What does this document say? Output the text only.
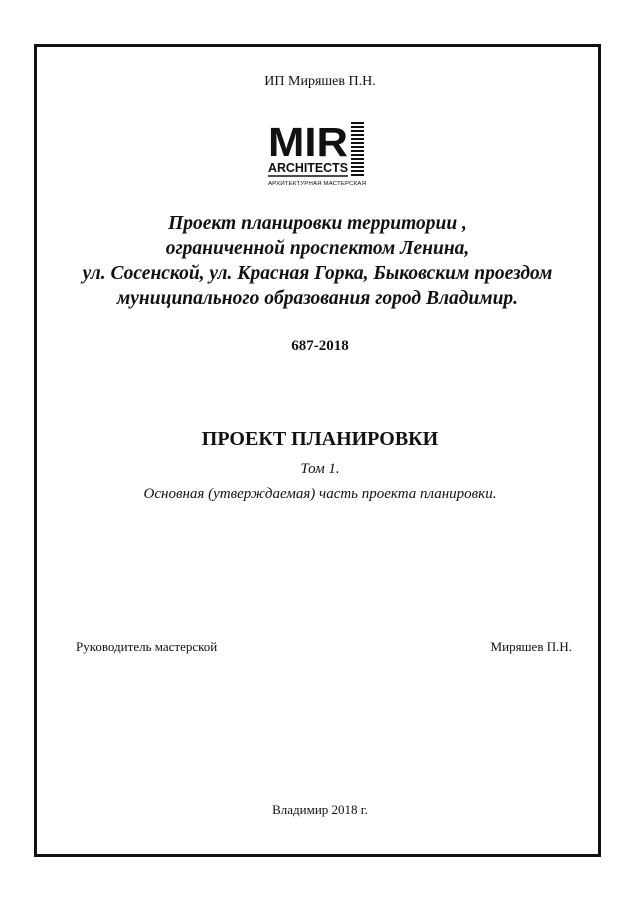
ИП Миряшев П.Н.
MIR
ARCHITECTS
АРХИТЕКТУРНАЯ МАСТЕРСКАЯ
Проект планировки территории ,
ограниченной проспектом Ленина,
ул. Сосенской, ул. Красная Горка, Быковским проездом
муниципального образования город Владимир.
687-2018
ПРОЕКТ ПЛАНИРОВКИ
Том 1.
Основная (утверждаемая) часть проекта планировки.
Руководитель мастерской	Миряшев П.Н.
Владимир 2018 г.
